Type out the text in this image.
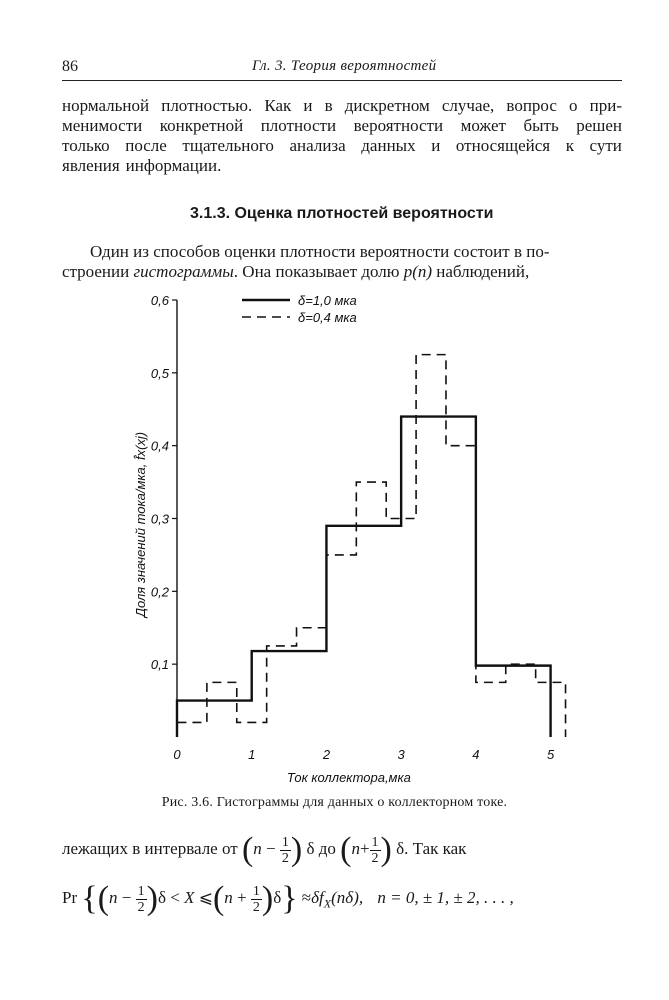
86	Гл. 3. Теория вероятностей
нормальной плотностью. Как и в дискретном случае, вопрос о при-
менимости конкретной плотности вероятности может быть решен
только после тщательного анализа данных и относящейся к сути
явления информации.
3.1.3. Оценка плотностей вероятности
Один из способов оценки плотности вероятности состоит в по-
строении гистограммы . Она показывает долю p(n) наблюдений,
0,1
0,2
0,3
0,4
0,5
0,6
0	1	2	3	4	5
Ток коллектора,мка
Доля значений тока/мка, f̂x(xj)
δ=1,0 мка
δ=0,4 мка
Рис. 3.6. Гистограммы для данных о коллекторном токе.
лежащих в интервале от ($n - \frac{1}{2}$ ) δ до ($n+ \frac{1}{2}$ ) δ. Так как
Pr {$(n - \frac{1}{2} )\delta < X$ ⩽(n + $\frac{1}{2} )\delta\} \approx\delta f_X(n\delta)$, n = 0, ± 1, ± 2, . . . ,
